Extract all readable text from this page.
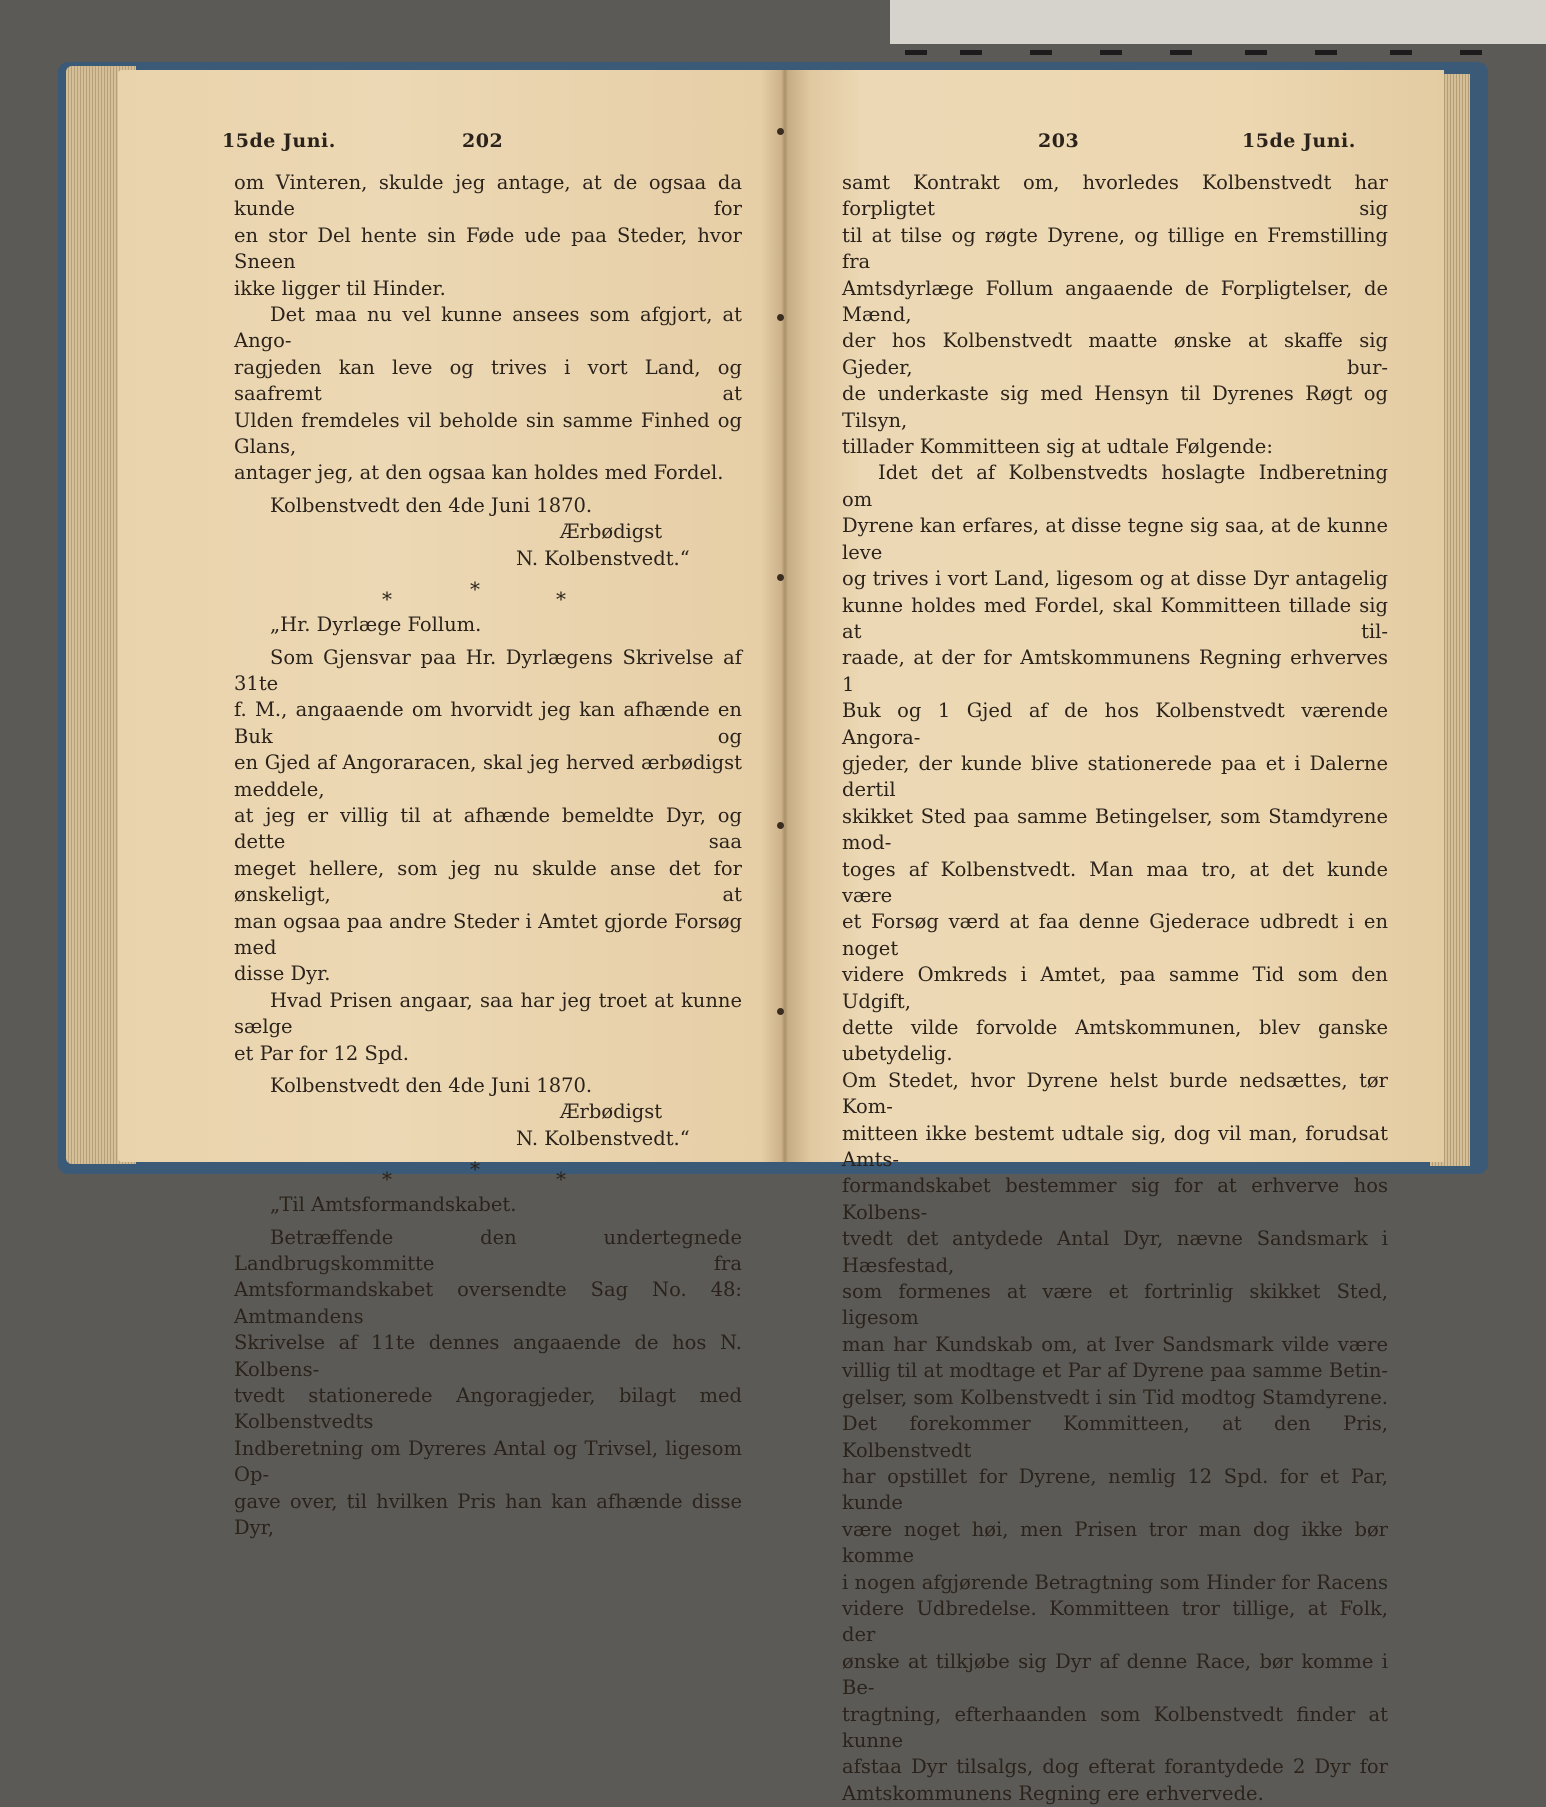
15de Juni.	202
om Vinteren, skulde jeg antage, at de ogsaa da kunde for
en stor Del hente sin Føde ude paa Steder, hvor Sneen
ikke ligger til Hinder.
Det maa nu vel kunne ansees som afgjort, at Ango-
ragjeden kan leve og trives i vort Land, og saafremt at
Ulden fremdeles vil beholde sin samme Finhed og Glans,
antager jeg, at den ogsaa kan holdes med Fordel.
Kolbenstvedt den 4de Juni 1870.
Ærbødigst
N. Kolbenstvedt.“
*	*	*
„Hr. Dyrlæge Follum.
Som Gjensvar paa Hr. Dyrlægens Skrivelse af 31te
f. M., angaaende om hvorvidt jeg kan afhænde en Buk og
en Gjed af Angoraracen, skal jeg herved ærbødigst meddele,
at jeg er villig til at afhænde bemeldte Dyr, og dette saa
meget hellere, som jeg nu skulde anse det for ønskeligt, at
man ogsaa paa andre Steder i Amtet gjorde Forsøg med
disse Dyr.
Hvad Prisen angaar, saa har jeg troet at kunne sælge
et Par for 12 Spd.
Kolbenstvedt den 4de Juni 1870.
Ærbødigst
N. Kolbenstvedt.“
*	*	*
„Til Amtsformandskabet.
Betræffende den undertegnede Landbrugskommitte fra
Amtsformandskabet oversendte Sag No. 48: Amtmandens
Skrivelse af 11te dennes angaaende de hos N. Kolbens-
tvedt stationerede Angoragjeder, bilagt med Kolbenstvedts
Indberetning om Dyreres Antal og Trivsel, ligesom Op-
gave over, til hvilken Pris han kan afhænde disse Dyr,
203	15de Juni.
samt Kontrakt om, hvorledes Kolbenstvedt har forpligtet sig
til at tilse og røgte Dyrene, og tillige en Fremstilling fra
Amtsdyrlæge Follum angaaende de Forpligtelser, de Mænd,
der hos Kolbenstvedt maatte ønske at skaffe sig Gjeder, bur-
de underkaste sig med Hensyn til Dyrenes Røgt og Tilsyn,
tillader Kommitteen sig at udtale Følgende:
Idet det af Kolbenstvedts hoslagte Indberetning om
Dyrene kan erfares, at disse tegne sig saa, at de kunne leve
og trives i vort Land, ligesom og at disse Dyr antagelig
kunne holdes med Fordel, skal Kommitteen tillade sig at til-
raade, at der for Amtskommunens Regning erhverves 1
Buk og 1 Gjed af de hos Kolbenstvedt værende Angora-
gjeder, der kunde blive stationerede paa et i Dalerne dertil
skikket Sted paa samme Betingelser, som Stamdyrene mod-
toges af Kolbenstvedt. Man maa tro, at det kunde være
et Forsøg værd at faa denne Gjederace udbredt i en noget
videre Omkreds i Amtet, paa samme Tid som den Udgift,
dette vilde forvolde Amtskommunen, blev ganske ubetydelig.
Om Stedet, hvor Dyrene helst burde nedsættes, tør Kom-
mitteen ikke bestemt udtale sig, dog vil man, forudsat Amts-
formandskabet bestemmer sig for at erhverve hos Kolbens-
tvedt det antydede Antal Dyr, nævne Sandsmark i Hæsfestad,
som formenes at være et fortrinlig skikket Sted, ligesom
man har Kundskab om, at Iver Sandsmark vilde være
villig til at modtage et Par af Dyrene paa samme Betin-
gelser, som Kolbenstvedt i sin Tid modtog Stamdyrene.
Det forekommer Kommitteen, at den Pris, Kolbenstvedt
har opstillet for Dyrene, nemlig 12 Spd. for et Par, kunde
være noget høi, men Prisen tror man dog ikke bør komme
i nogen afgjørende Betragtning som Hinder for Racens
videre Udbredelse. Kommitteen tror tillige, at Folk, der
ønske at tilkjøbe sig Dyr af denne Race, bør komme i Be-
tragtning, efterhaanden som Kolbenstvedt finder at kunne
afstaa Dyr tilsalgs, dog efterat forantydede 2 Dyr for
Amtskommunens Regning ere erhvervede.
